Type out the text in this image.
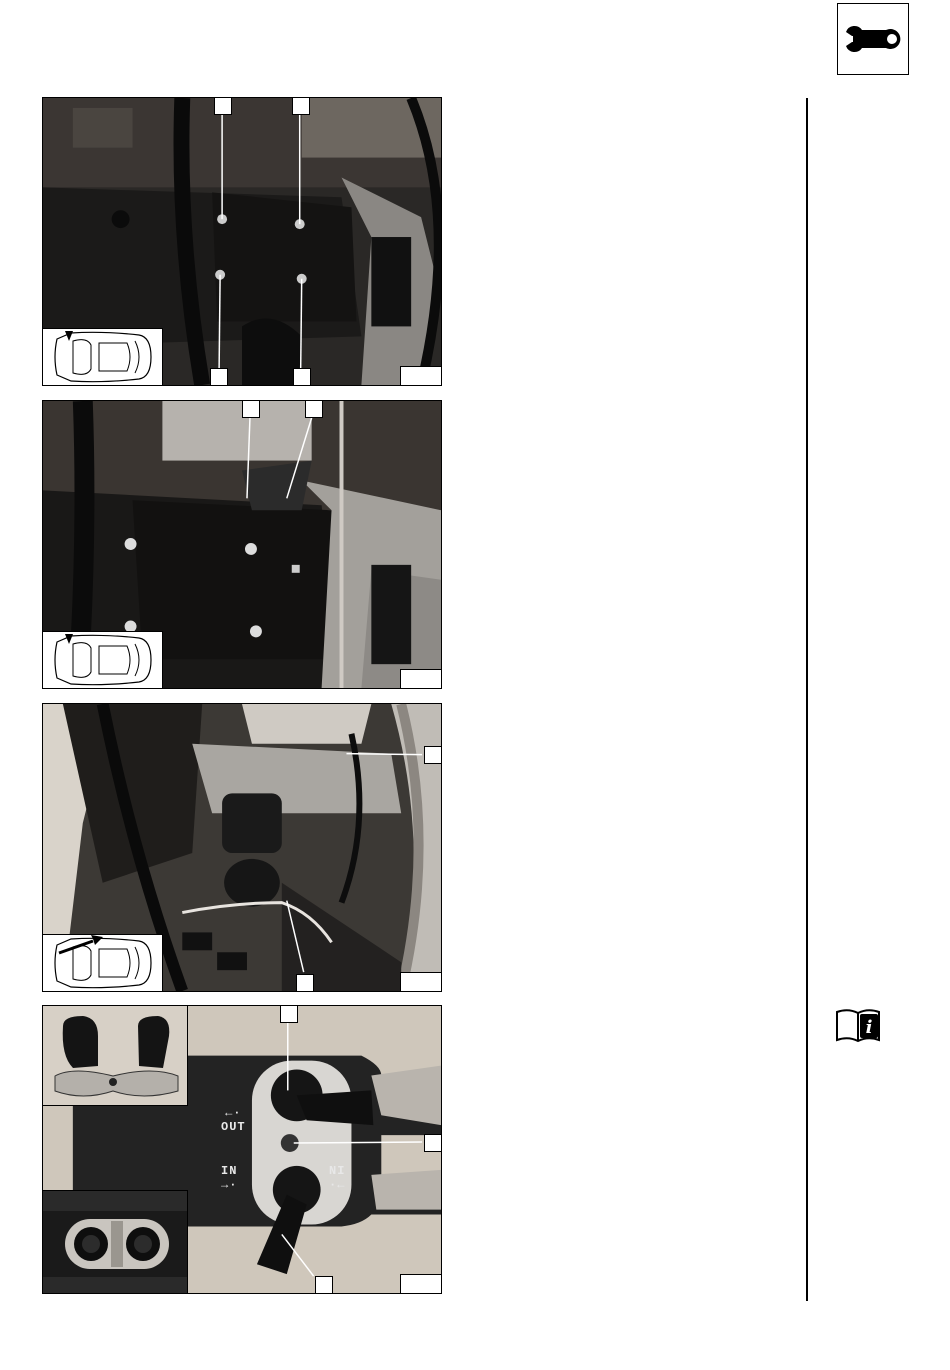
i
←·
OUT
IN
→·
NI
·←
